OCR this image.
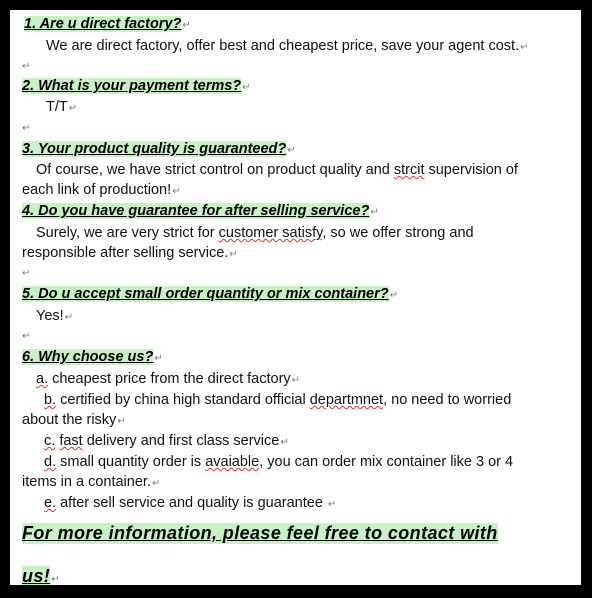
1. Are u direct factory?↵
We are direct factory, offer best and cheapest price, save your agent cost.↵
↵
2. What is your payment terms?↵
T/T↵
↵
3. Your product quality is guaranteed?↵
Of course, we have strict control on product quality and strcit supervision of
each link of production!↵
4. Do you have guarantee for after selling service?↵
Surely, we are very strict for customer satisfy, so we offer strong and
responsible after selling service.↵
↵
5. Do u accept small order quantity or mix container?↵
Yes!↵
↵
6. Why choose us?↵
a. cheapest price from the direct factory↵
b. certified by china high standard official departmnet, no need to worried
about the risky↵
c. fast delivery and first class service↵
d. small quantity order is avaiable, you can order mix container like 3 or 4
items in a container.↵
e. after sell service and quality is guarantee ↵
For more information, please feel free to contact with
us!↵
